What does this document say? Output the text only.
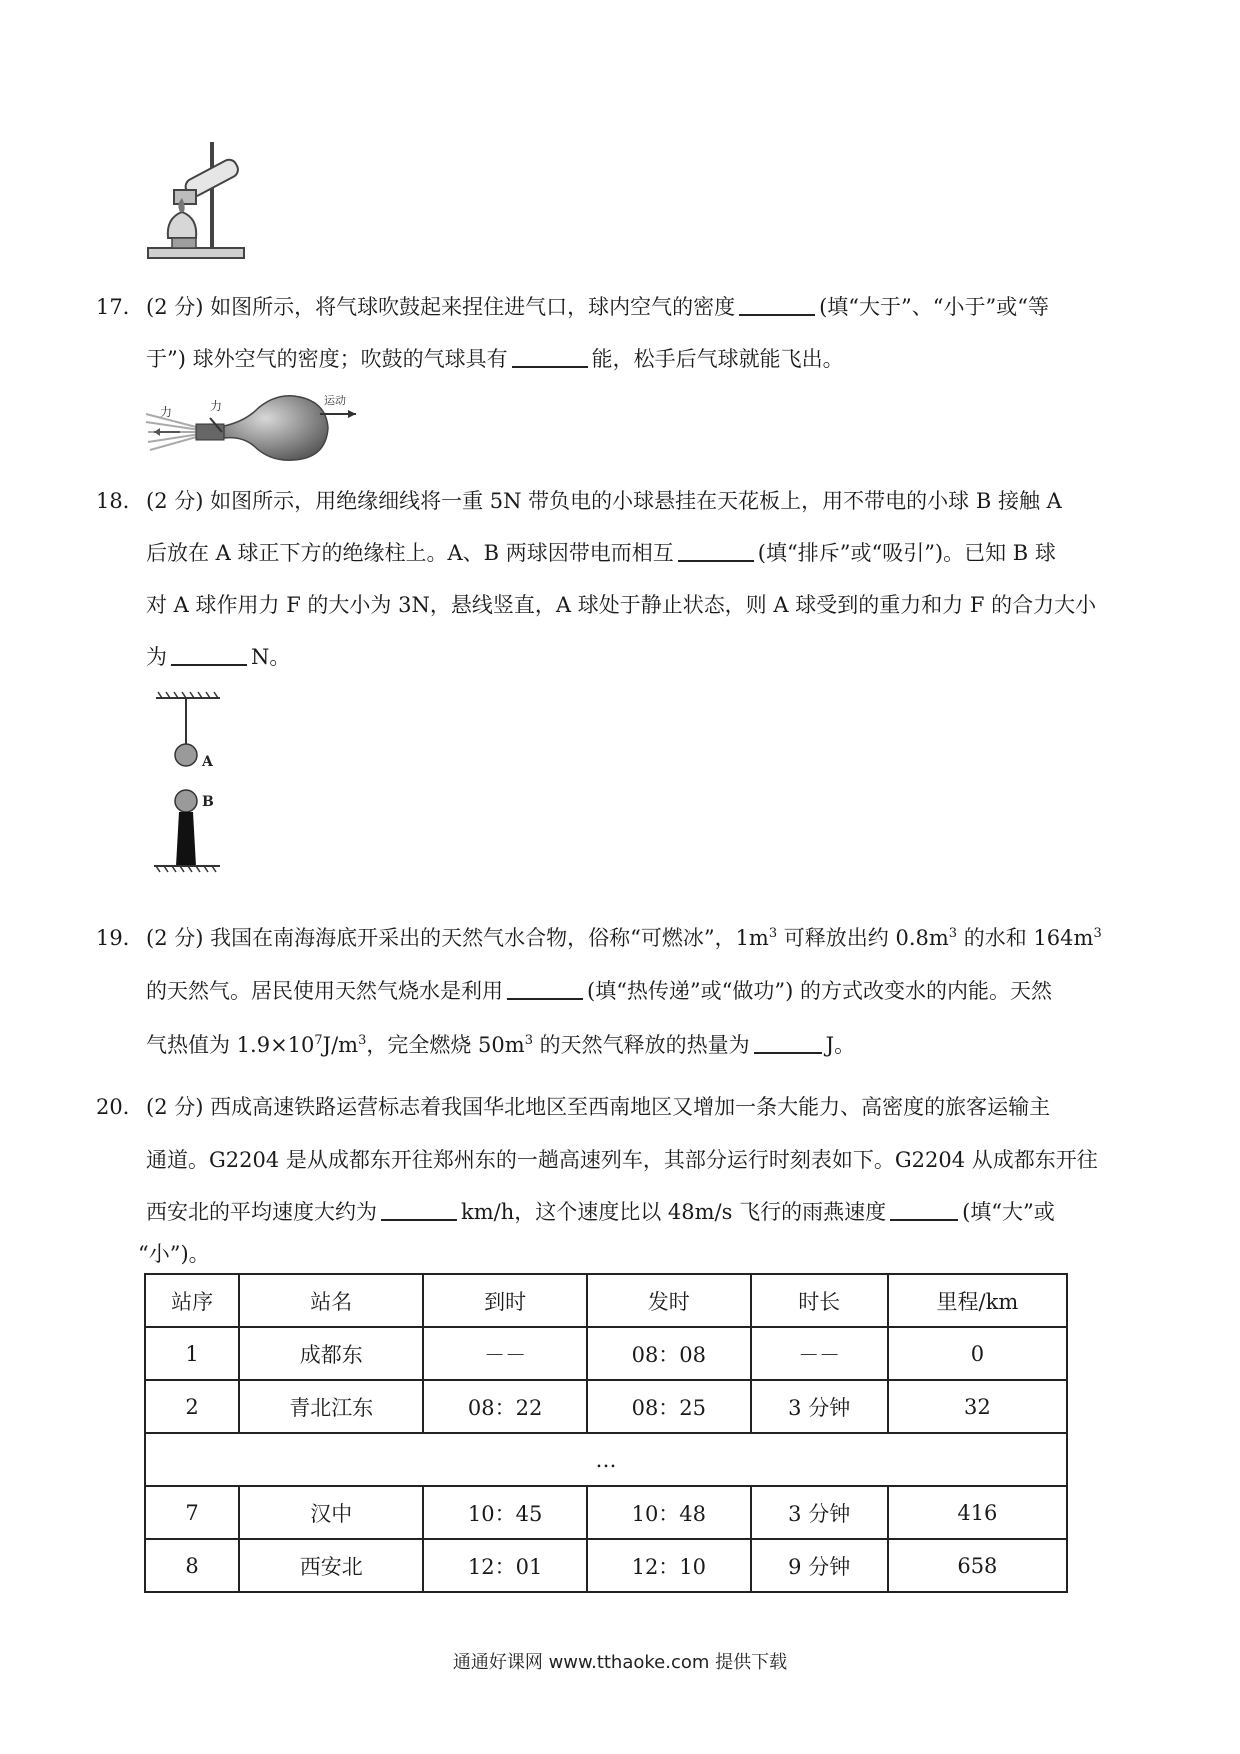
17． (2 分) 如图所示，将气球吹鼓起来捏住进气口，球内空气的密度	(填“大于”、“小于”或“等
于”) 球外空气的密度；吹鼓的气球具有	能，松手后气球就能飞出。
力	力	运动
18． (2 分) 如图所示，用绝缘细线将一重 5N 带负电的小球悬挂在天花板上，用不带电的小球 B 接触 A
后放在 A 球正下方的绝缘柱上。A、B 两球因带电而相互	(填“排斥”或“吸引”)。已知 B 球
对 A 球作用力 F 的大小为 3N，悬线竖直，A 球处于静止状态，则 A 球受到的重力和力 F 的合力大小
为	N。
A
B
19． (2 分) 我国在南海海底开采出的天然气水合物，俗称“可燃冰”，$1m^3$ 可释放出约 $0.8m^3$ 的水和 $164m^3$
的天然气。居民使用天然气烧水是利用	(填“热传递”或“做功”) 的方式改变水的内能。天然
气热值为 $1.9\times 10^7J/m^3$，完全燃烧 $50m^3$ 的天然气释放的热量为	J。
20． (2 分) 西成高速铁路运营标志着我国华北地区至西南地区又增加一条大能力、高密度的旅客运输主
通道。G2204 是从成都东开往郑州东的一趟高速列车，其部分运行时刻表如下。G2204 从成都东开往
西安北的平均速度大约为	km/h，这个速度比以 48m/s 飞行的雨燕速度	(填“大”或
“小”)。
站序	站名	到时	发时	时长	里程/km
1	成都东	－－	08：08	－－	0
2	青北江东	08：22	08：25	3 分钟	32
…					
7	汉中	10：45	10：48	3 分钟	416
8	西安北	12：01	12：10	9 分钟	658
通通好课网 www.tthaoke.com 提供下载
